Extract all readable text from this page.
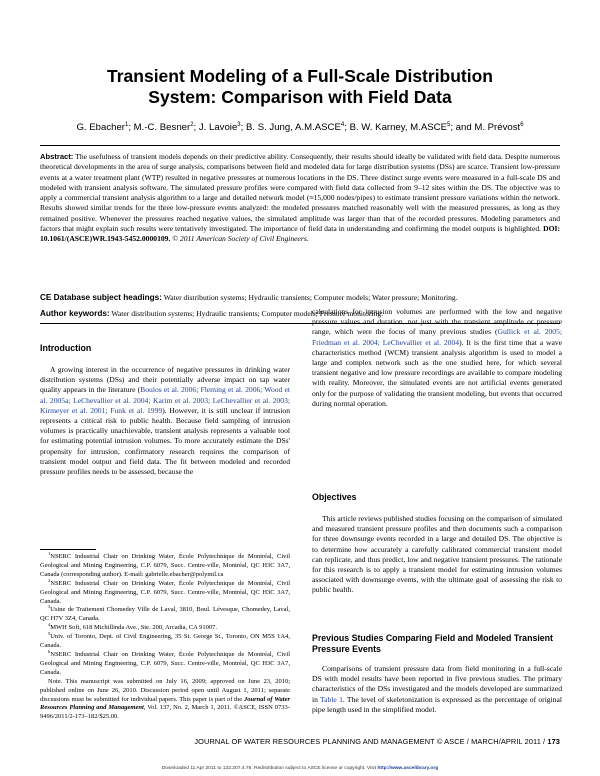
Transient Modeling of a Full-Scale Distribution
System: Comparison with Field Data
G. Ebacher$^1$; M.-C. Besner$^2$; J. Lavoie$^3$; B. S. Jung, A.M.ASCE$^4$; B. W. Karney, M.ASCE$^5$; and M. Prévost$^6$
Abstract: The usefulness of transient models depends on their predictive ability. Consequently, their results should ideally be validated with field data. Despite numerous theoretical developments in the area of surge analysis, comparisons between field and modeled data for large distribution systems (DSs) are scarce. Transient low-pressure events at a water treatment plant (WTP) resulted in negative pressures at numerous locations in the DS. Three distinct surge events were measured in a full-scale DS and modeled with transient analysis software. The simulated pressure profiles were compared with field data collected from 9–12 sites within the DS. The objective was to apply a commercial transient analysis algorithm to a large and detailed network model (≈15,000 nodes/pipes) to estimate transient pressure variations within the network. Results showed similar trends for the three low-pressure events analyzed: the modeled pressures matched reasonably well with the measured pressures, as long as they remained positive. Whenever the pressures reached negative values, the simulated amplitude was larger than that of the recorded pressures. Modeling parameters and factors that might explain such results were tentatively investigated. The importance of field data in understanding and confirming the model outputs is highlighted. DOI: 10.1061/(ASCE)WR.1943-5452.0000109. © 2011 American Society of Civil Engineers.
CE Database subject headings: Water distribution systems; Hydraulic transients; Computer models; Water pressure; Monitoring.
Author keywords: Water distribution systems; Hydraulic transients; Computer models; Pressure monitoring.

Introduction

A growing interest in the occurrence of negative pressures in drinking water distribution systems (DSs) and their potentially adverse impact on tap water quality appears in the literature (Boulos et al. 2006; Fleming et al. 2006; Wood et al. 2005a; LeChevallier et al. 2004; Karim et al. 2003; LeChevallier et al. 2003; Kirmeyer et al. 2001; Funk et al. 1999). However, it is still unclear if intrusion represents a critical risk to public health. Because field sampling of intrusion volumes is practically unachievable, transient analysis represents a valuable tool for estimating potential intrusion volumes. To more accurately estimate the DSs' propensity for intrusion, confirmatory research requires the comparison of transient model output and field data. The fit between modeled and recorded pressure profiles needs to be assessed, because the

$^1$NSERC Industrial Chair on Drinking Water, École Polytechnique de Montréal, Civil Geological and Mining Engineering, C.P. 6079, Succ. Centre-ville, Montréal, QC H3C 3A7, Canada (corresponding author). E-mail: gabrielle.ebacher@polymtl.ca

$^2$NSERC Industrial Chair on Drinking Water, École Polytechnique de Montréal, Civil Geological and Mining Engineering, C.P. 6079, Succ. Centre-ville, Montréal, QC H3C 3A7, Canada.

$^3$Usine de Traitement Chomedey Ville de Laval, 3810, Boul. Lévesque, Chomedey, Laval, QC H7V 3Z4, Canada.

$^4$MWH Soft, 618 Michillinda Ave., Ste. 200, Arcadia, CA 91007.

$^5$Univ. of Toronto, Dept. of Civil Engineering, 35 St. George St., Toronto, ON M5S 1A4, Canada.

$^6$NSERC Industrial Chair on Drinking Water, École Polytechnique de Montréal, Civil Geological and Mining Engineering, C.P. 6079, Succ. Centre-ville, Montréal, QC H3C 3A7, Canada.

Note. This manuscript was submitted on July 16, 2009; approved on June 23, 2010; published online on June 26, 2010. Discussion period open until August 1, 2011; separate discussions must be submitted for individual papers. This paper is part of the Journal of Water Resources Planning and Management, Vol. 137, No. 2, March 1, 2011. ©ASCE, ISSN 0733-9496/2011/2-173–182/$25.00.

calculations for intrusion volumes are performed with the low and negative pressure values and duration, not just with the transient amplitude or pressure range, which were the focus of many previous studies (Gullick et al. 2005; Friedman et al. 2004; LeChevallier et al. 2004). It is the first time that a wave characteristics method (WCM) transient analysis algorithm is used to model a large and complex network such as the one studied here, for which several transient negative and low pressure recordings are available to compare modeling with reality. Moreover, the simulated events are not artificial events generated only for the purpose of validating the transient modeling, but events that occurred during normal operation.

Objectives

This article reviews published studies focusing on the comparison of simulated and measured transient pressure profiles and then documents such a comparison for three downsurge events recorded in a large and detailed DS. The objective is to determine how accurately a carefully calibrated commercial transient model can replicate, and thus predict, low and negative transient pressures. The rationale for this research is to apply a transient model for estimating intrusion volumes associated with downsurge events, with the ultimate goal of assessing the risk to public health.

Previous Studies Comparing Field and Modeled Transient Pressure Events

Comparisons of transient pressure data from field monitoring in a full-scale DS with model results have been reported in five previous studies. The primary characteristics of the DSs investigated and the models developed are summarized in Table 1. The level of skeletonization is expressed as the percentage of original pipe length used in the simplified model.

JOURNAL OF WATER RESOURCES PLANNING AND MANAGEMENT © ASCE / MARCH/APRIL 2011 / 173
Downloaded 11 Apr 2011 to 132.207.4.76. Redistribution subject to ASCE license or copyright. Visit http://www.ascelibrary.org
